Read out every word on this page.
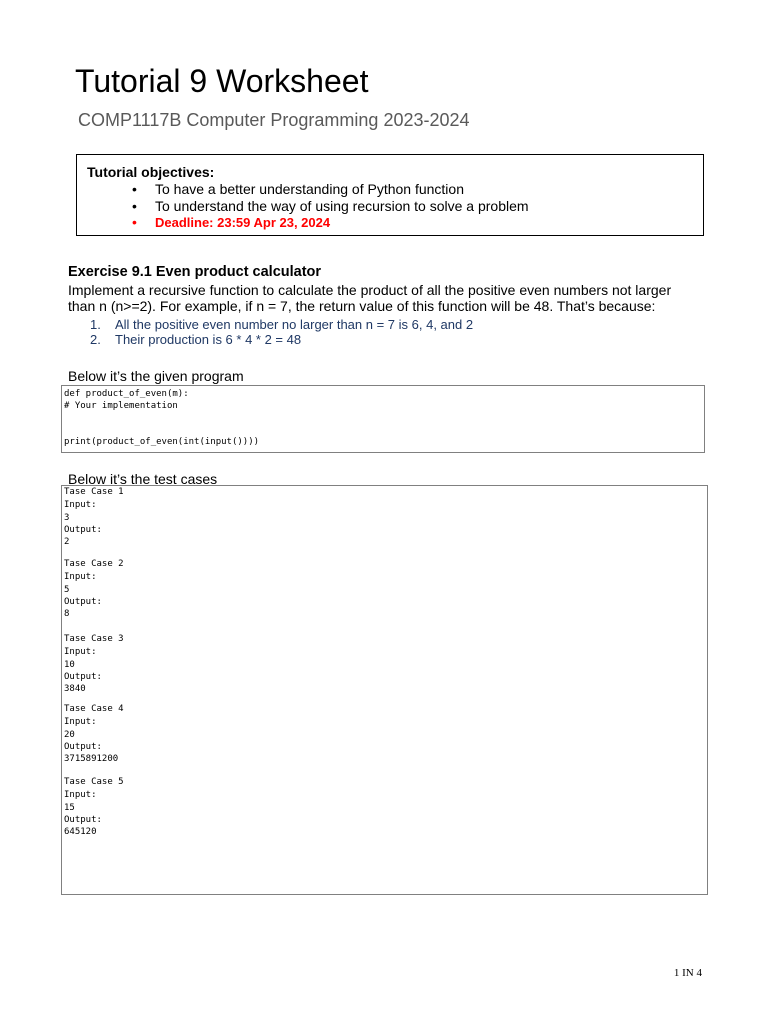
Tutorial 9 Worksheet
COMP1117B Computer Programming 2023-2024
Tutorial objectives:
• To have a better understanding of Python function
• To understand the way of using recursion to solve a problem
• Deadline: 23:59 Apr 23, 2024
Exercise 9.1 Even product calculator
Implement a recursive function to calculate the product of all the positive even numbers not larger
than n (n>=2). For example, if n = 7, the return value of this function will be 48. That’s because:
1. All the positive even number no larger than n = 7 is 6, 4, and 2
2. Their production is 6 * 4 * 2 = 48
Below it’s the given program
def product_of_even(m):
# Your implementation
print(product_of_even(int(input())))
Below it’s the test cases
Tase Case 1
Input:
3
Output:
2
Tase Case 2
Input:
5
Output:
8
Tase Case 3
Input:
10
Output:
3840
Tase Case 4
Input:
20
Output:
3715891200
Tase Case 5
Input:
15
Output:
645120
1 IN 4
